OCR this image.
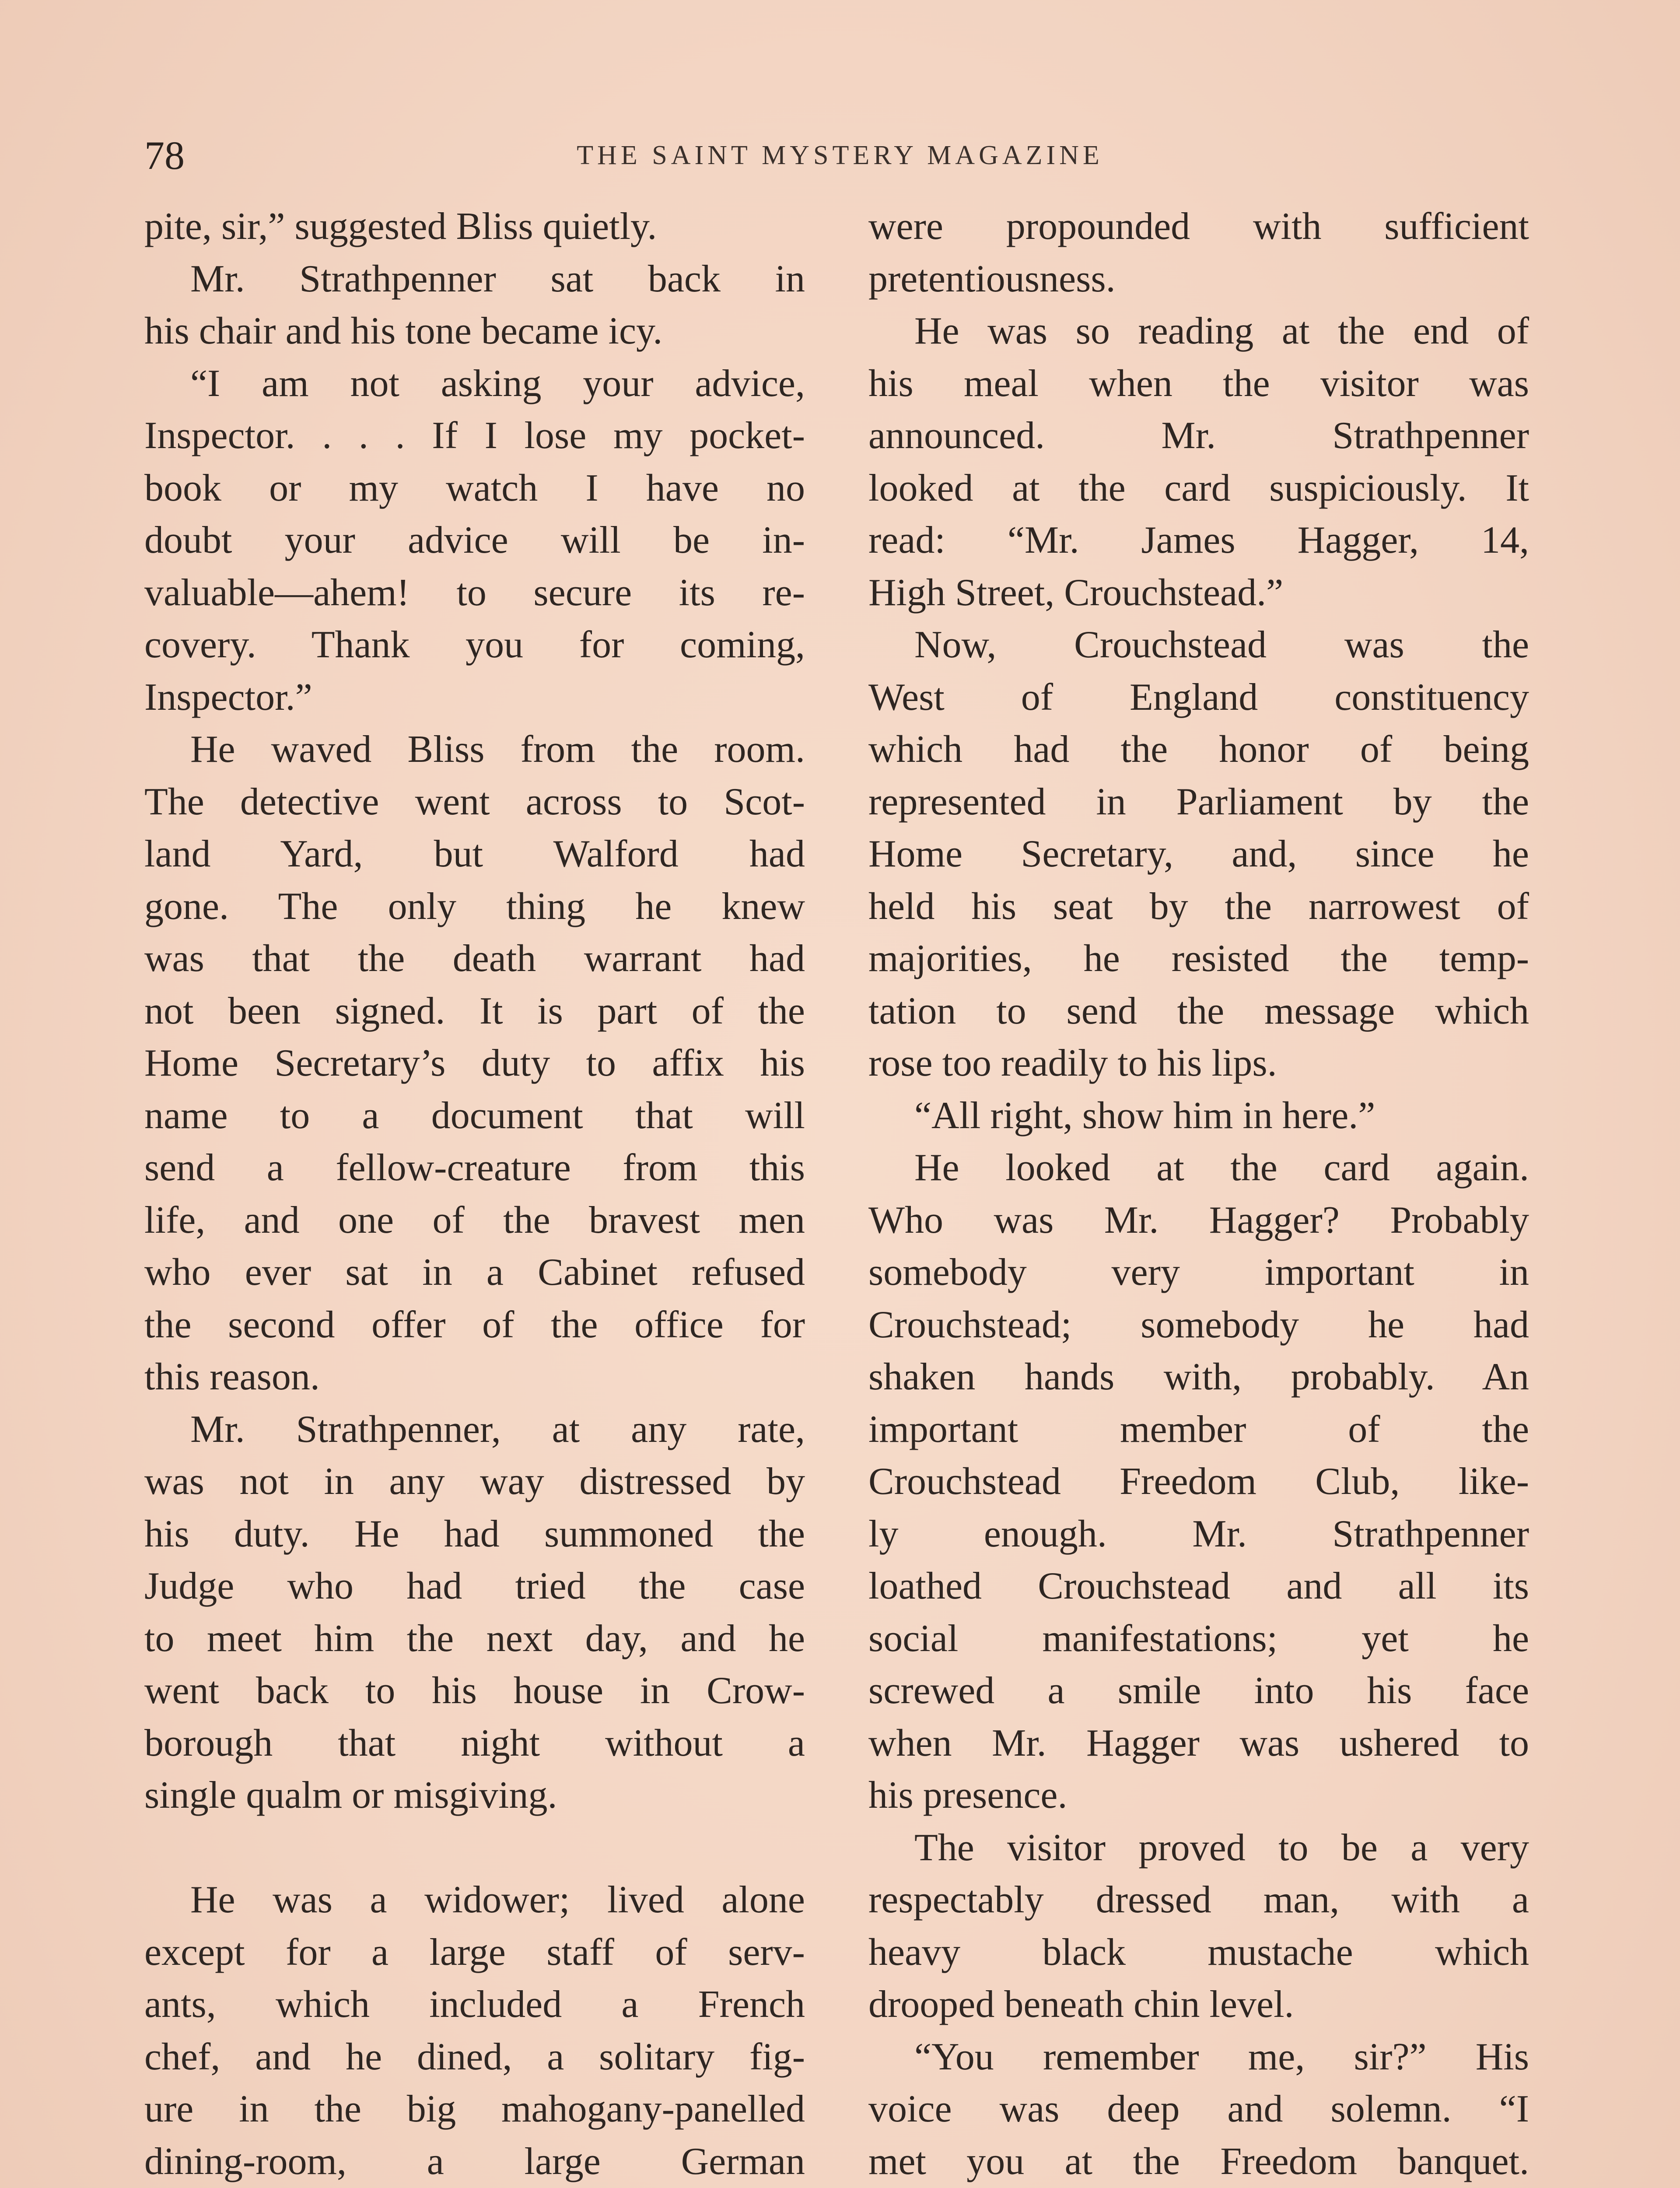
78	THE SAINT MYSTERY MAGAZINE
pite, sir,” suggested Bliss quietly.
Mr. Strathpenner sat back in
his chair and his tone became icy.
“I am not asking your advice,
Inspector. . . . If I lose my pocket-
book or my watch I have no
doubt your advice will be in-
valuable—ahem! to secure its re-
covery. Thank you for coming,
Inspector.”
He waved Bliss from the room.
The detective went across to Scot-
land Yard, but Walford had
gone. The only thing he knew
was that the death warrant had
not been signed. It is part of the
Home Secretary’s duty to affix his
name to a document that will
send a fellow-creature from this
life, and one of the bravest men
who ever sat in a Cabinet refused
the second offer of the office for
this reason.
Mr. Strathpenner, at any rate,
was not in any way distressed by
his duty. He had summoned the
Judge who had tried the case
to meet him the next day, and he
went back to his house in Crow-
borough that night without a
single qualm or misgiving.
He was a widower; lived alone
except for a large staff of serv-
ants, which included a French
chef, and he dined, a solitary fig-
ure in the big mahogany-panelled
dining-room, a large German
were propounded with sufficient
pretentiousness.
He was so reading at the end of
his meal when the visitor was
announced. Mr. Strathpenner
looked at the card suspiciously. It
read: “Mr. James Hagger, 14,
High Street, Crouchstead.”
Now, Crouchstead was the
West of England constituency
which had the honor of being
represented in Parliament by the
Home Secretary, and, since he
held his seat by the narrowest of
majorities, he resisted the temp-
tation to send the message which
rose too readily to his lips.
“All right, show him in here.”
He looked at the card again.
Who was Mr. Hagger? Probably
somebody very important in
Crouchstead; somebody he had
shaken hands with, probably. An
important member of the
Crouchstead Freedom Club, like-
ly enough. Mr. Strathpenner
loathed Crouchstead and all its
social manifestations; yet he
screwed a smile into his face
when Mr. Hagger was ushered to
his presence.
The visitor proved to be a very
respectably dressed man, with a
heavy black mustache which
drooped beneath chin level.
“You remember me, sir?” His
voice was deep and solemn. “I
met you at the Freedom banquet.
